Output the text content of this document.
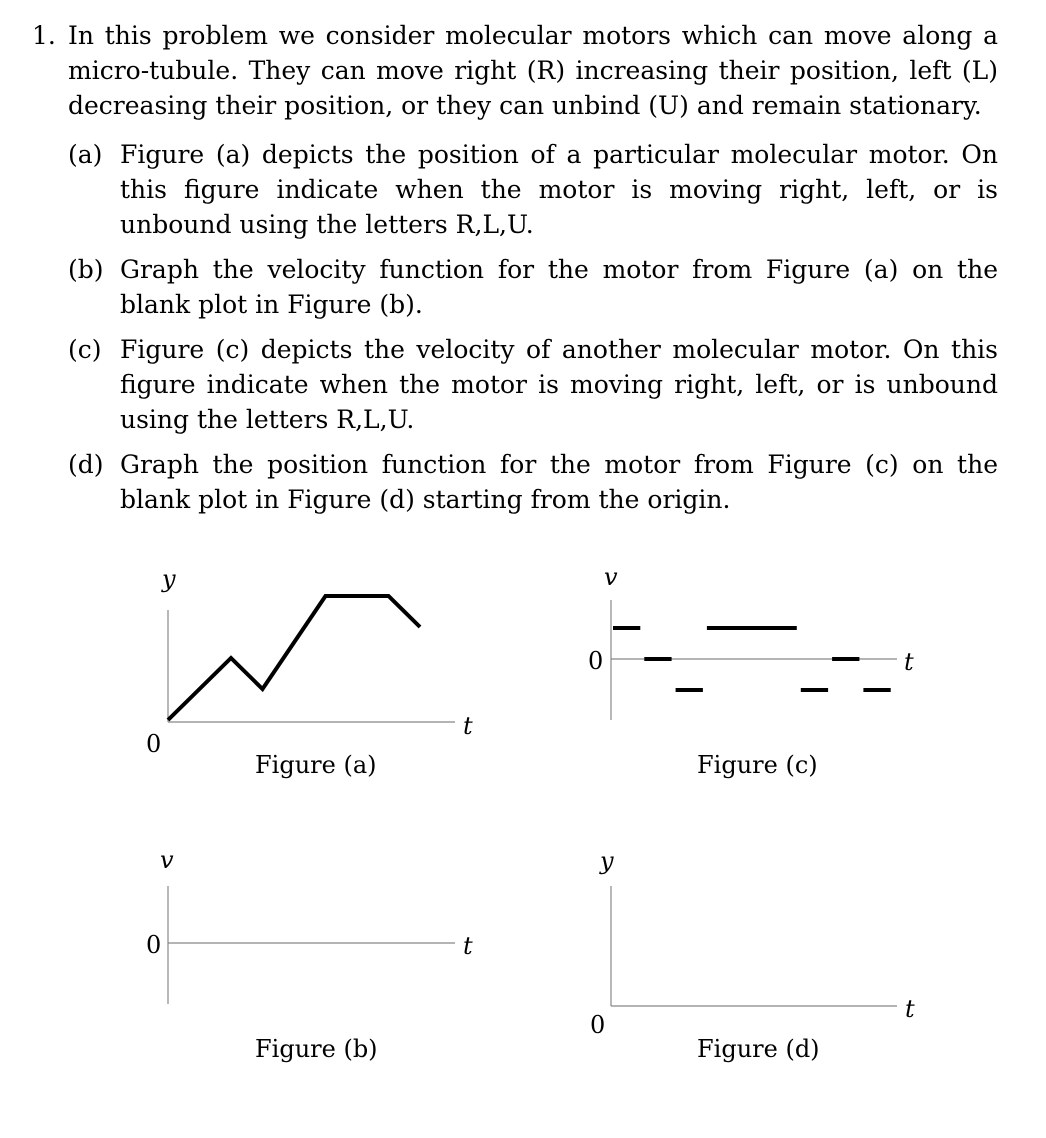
1. In this problem we consider molecular motors which can move along a micro-tubule. They can move right (R) increasing their position, left (L) decreasing their position, or they can unbind (U) and remain stationary.
(a) Figure (a) depicts the position of a particular molecular motor. On this figure indicate when the motor is moving right, left, or is unbound using the letters R,L,U.
(b) Graph the velocity function for the motor from Figure (a) on the blank plot in Figure (b).
(c) Figure (c) depicts the velocity of another molecular motor. On this figure indicate when the motor is moving right, left, or is unbound using the letters R,L,U.
(d) Graph the position function for the motor from Figure (c) on the blank plot in Figure (d) starting from the origin.
y
0
t
Figure (a)
v
0	t
Figure (c)
v
0	t
Figure (b)
y
0
t
Figure (d)
